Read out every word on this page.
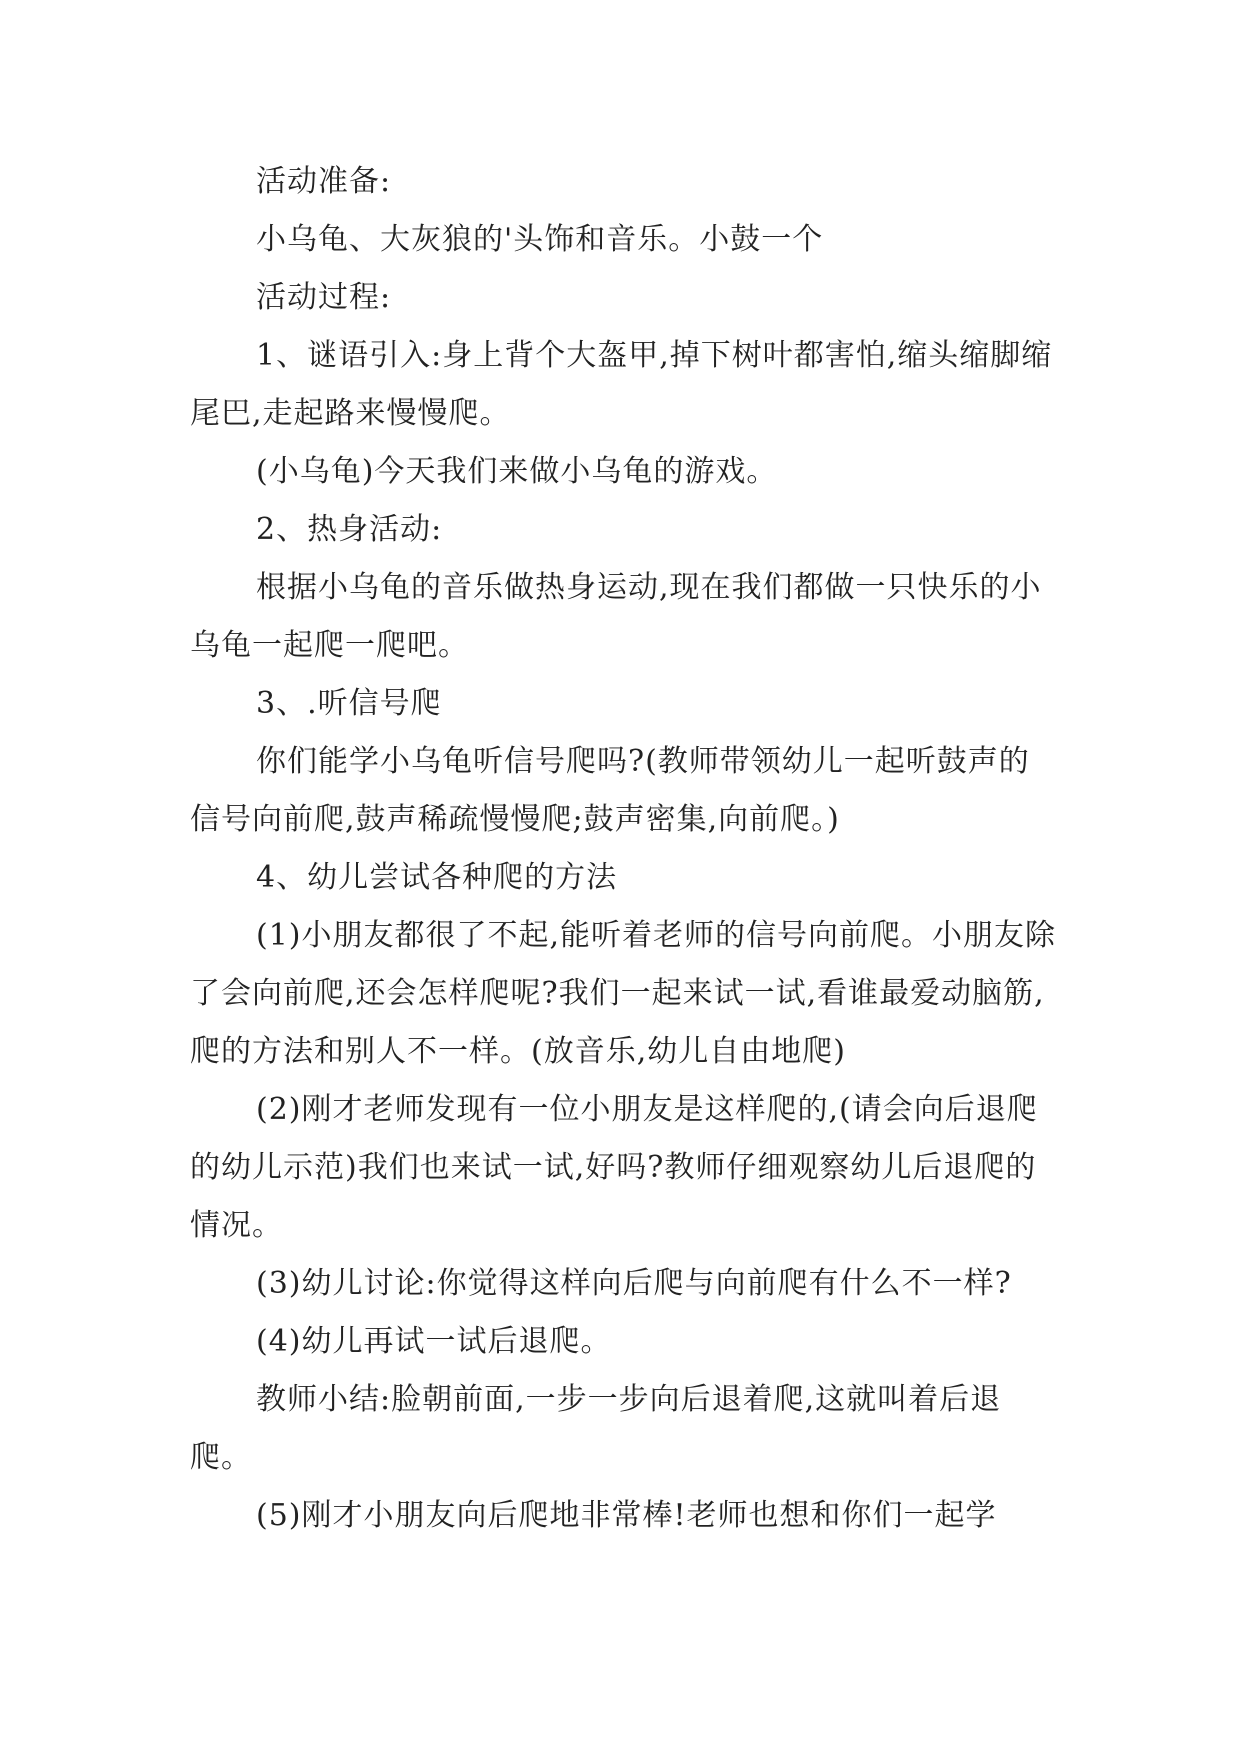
活动准备:

小乌龟、大灰狼的'头饰和音乐。小鼓一个

活动过程:

1、谜语引入:身上背个大盔甲,掉下树叶都害怕,缩头缩脚缩尾巴,走起路来慢慢爬。

(小乌龟)今天我们来做小乌龟的游戏。

2、热身活动:

根据小乌龟的音乐做热身运动,现在我们都做一只快乐的小乌龟一起爬一爬吧。

3、.听信号爬

你们能学小乌龟听信号爬吗?(教师带领幼儿一起听鼓声的信号向前爬,鼓声稀疏慢慢爬;鼓声密集,向前爬。)

4、幼儿尝试各种爬的方法

(1)小朋友都很了不起,能听着老师的信号向前爬。小朋友除了会向前爬,还会怎样爬呢?我们一起来试一试,看谁最爱动脑筋,爬的方法和别人不一样。(放音乐,幼儿自由地爬)

(2)刚才老师发现有一位小朋友是这样爬的,(请会向后退爬的幼儿示范)我们也来试一试,好吗?教师仔细观察幼儿后退爬的情况。

(3)幼儿讨论:你觉得这样向后爬与向前爬有什么不一样?

(4)幼儿再试一试后退爬。

教师小结:脸朝前面,一步一步向后退着爬,这就叫着后退爬。

(5)刚才小朋友向后爬地非常棒!老师也想和你们一起学
